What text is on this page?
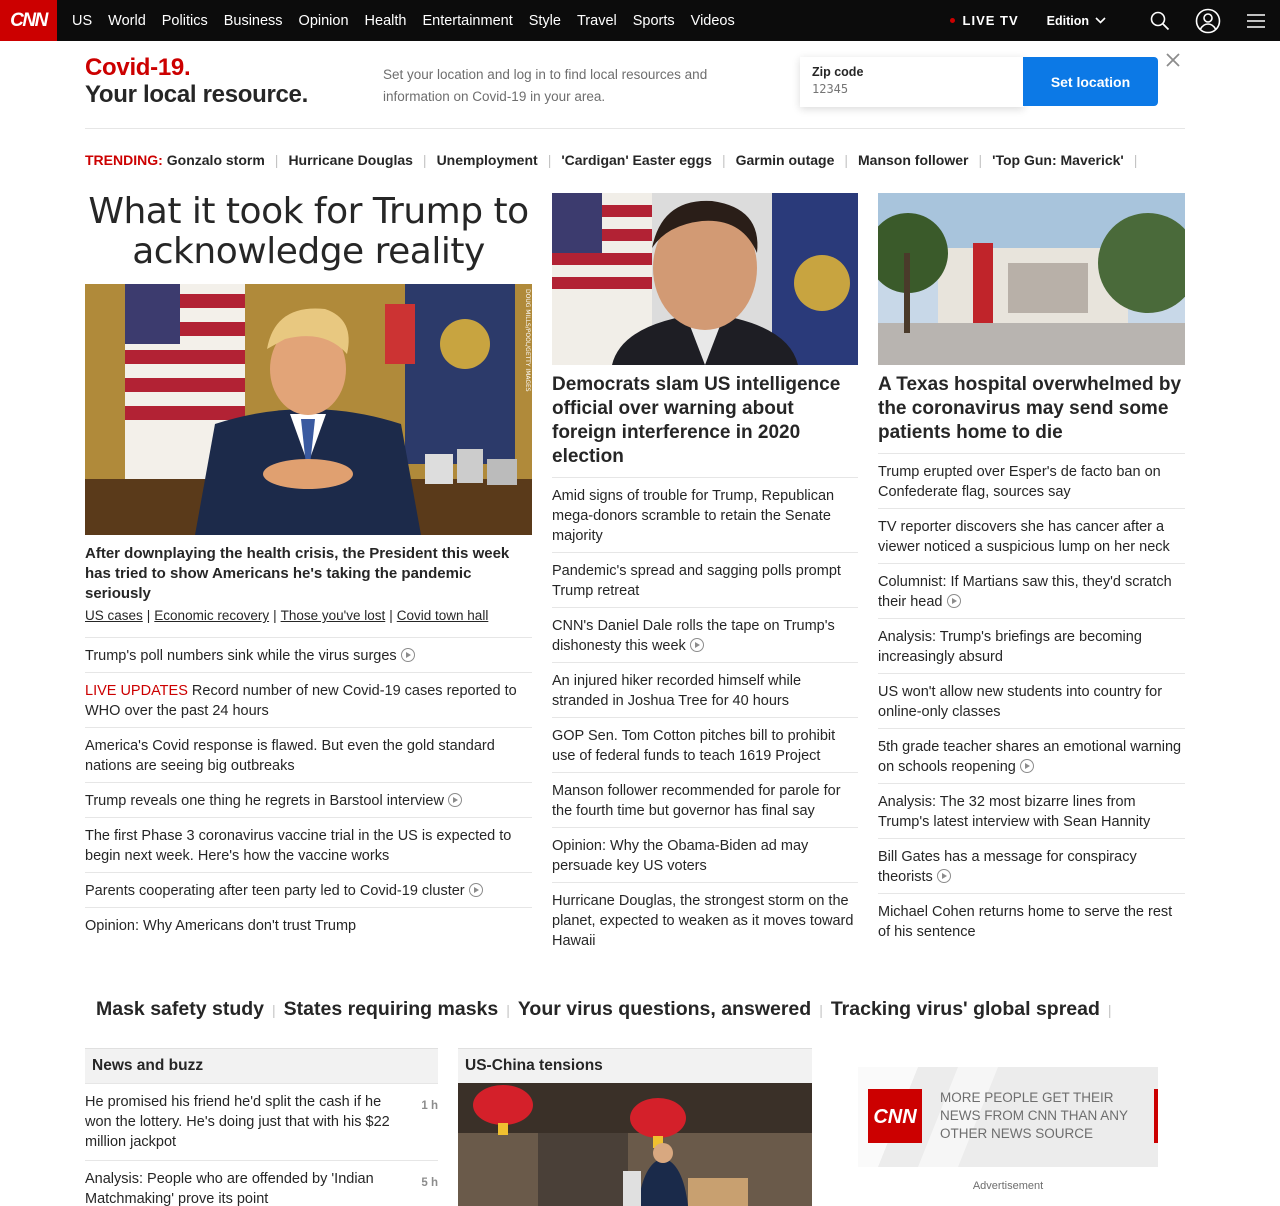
CNN	US World Politics Business Opinion Health Entertainment Style Travel Sports Videos	LIVE TV Edition
Covid-19.
Your local resource.
Set your location and log in to find local resources and information on Covid-19 in your area.
Zip code
12345
Set location
TRENDING: Gonzalo storm | Hurricane Douglas | Unemployment | 'Cardigan' Easter eggs | Garmin outage | Manson follower | 'Top Gun: Maverick' |
What it took for Trump to acknowledge reality
DOUG MILLS/POOL/GETTY IMAGES
After downplaying the health crisis, the President this week has tried to show Americans he's taking the pandemic seriously
US cases | Economic recovery | Those you've lost | Covid town hall
Trump's poll numbers sink while the virus surges
LIVE UPDATES Record number of new Covid-19 cases reported to WHO over the past 24 hours
America's Covid response is flawed. But even the gold standard nations are seeing big outbreaks
Trump reveals one thing he regrets in Barstool interview
The first Phase 3 coronavirus vaccine trial in the US is expected to begin next week. Here's how the vaccine works
Parents cooperating after teen party led to Covid-19 cluster
Opinion: Why Americans don't trust Trump
Democrats slam US intelligence official over warning about foreign interference in 2020 election
Amid signs of trouble for Trump, Republican mega-donors scramble to retain the Senate majority
Pandemic's spread and sagging polls prompt Trump retreat
CNN's Daniel Dale rolls the tape on Trump's dishonesty this week
An injured hiker recorded himself while stranded in Joshua Tree for 40 hours
GOP Sen. Tom Cotton pitches bill to prohibit use of federal funds to teach 1619 Project
Manson follower recommended for parole for the fourth time but governor has final say
Opinion: Why the Obama-Biden ad may persuade key US voters
Hurricane Douglas, the strongest storm on the planet, expected to weaken as it moves toward Hawaii
A Texas hospital overwhelmed by the coronavirus may send some patients home to die
Trump erupted over Esper's de facto ban on Confederate flag, sources say
TV reporter discovers she has cancer after a viewer noticed a suspicious lump on her neck
Columnist: If Martians saw this, they'd scratch their head
Analysis: Trump's briefings are becoming increasingly absurd
US won't allow new students into country for online-only classes
5th grade teacher shares an emotional warning on schools reopening
Analysis: The 32 most bizarre lines from Trump's latest interview with Sean Hannity
Bill Gates has a message for conspiracy theorists
Michael Cohen returns home to serve the rest of his sentence
Mask safety study | States requiring masks | Your virus questions, answered | Tracking virus' global spread |
News and buzz
He promised his friend he'd split the cash if he won the lottery. He's doing just that with his $22 million jackpot
1 h
Analysis: People who are offended by 'Indian Matchmaking' prove its point
5 h
US-China tensions
CNN
MORE PEOPLE GET THEIR NEWS FROM CNN THAN ANY OTHER NEWS SOURCE
Advertisement
